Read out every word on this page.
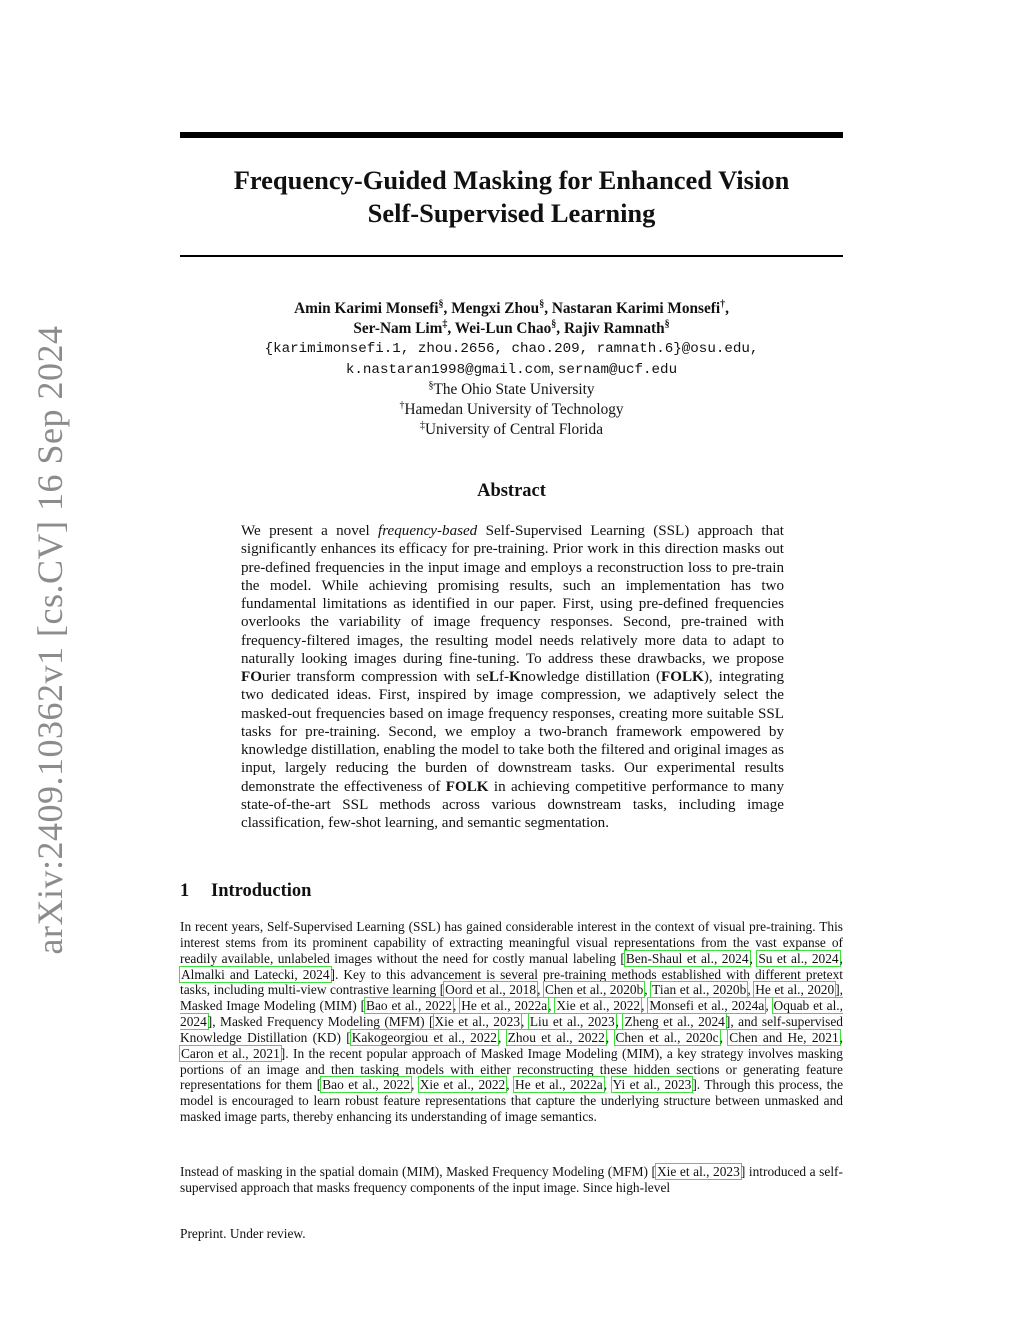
arXiv:2409.10362v1 [cs.CV] 16 Sep 2024
Frequency-Guided Masking for Enhanced Vision
Self-Supervised Learning
Amin Karimi Monsefi§, Mengxi Zhou§, Nastaran Karimi Monsefi†,
Ser-Nam Lim‡, Wei-Lun Chao§, Rajiv Ramnath§
{karimimonsefi.1, zhou.2656, chao.209, ramnath.6}@osu.edu,
k.nastaran1998@gmail.com, sernam@ucf.edu
§The Ohio State University
†Hamedan University of Technology
‡University of Central Florida
Abstract

We present a novel frequency-based Self-Supervised Learning (SSL) approach that significantly enhances its efficacy for pre-training. Prior work in this direction masks out pre-defined frequencies in the input image and employs a reconstruction loss to pre-train the model. While achieving promising results, such an implementation has two fundamental limitations as identified in our paper. First, using pre-defined frequencies overlooks the variability of image frequency responses. Second, pre-trained with frequency-filtered images, the resulting model needs relatively more data to adapt to naturally looking images during fine-tuning. To address these drawbacks, we propose FOurier transform compression with seLf-Knowledge distillation (FOLK), integrating two dedicated ideas. First, inspired by image compression, we adaptively select the masked-out frequencies based on image frequency responses, creating more suitable SSL tasks for pre-training. Second, we employ a two-branch framework empowered by knowledge distillation, enabling the model to take both the filtered and original images as input, largely reducing the burden of downstream tasks. Our experimental results demonstrate the effectiveness of FOLK in achieving competitive performance to many state-of-the-art SSL methods across various downstream tasks, including image classification, few-shot learning, and semantic segmentation.

1 Introduction

In recent years, Self-Supervised Learning (SSL) has gained considerable interest in the context of visual pre-training. This interest stems from its prominent capability of extracting meaningful visual representations from the vast expanse of readily available, unlabeled images without the need for costly manual labeling [Ben-Shaul et al., 2024, Su et al., 2024, Almalki and Latecki, 2024]. Key to this advancement is several pre-training methods established with different pretext tasks, including multi-view contrastive learning [Oord et al., 2018, Chen et al., 2020b, Tian et al., 2020b, He et al., 2020], Masked Image Modeling (MIM) [Bao et al., 2022, He et al., 2022a, Xie et al., 2022, Monsefi et al., 2024a, Oquab et al., 2024], Masked Frequency Modeling (MFM) [Xie et al., 2023, Liu et al., 2023, Zheng et al., 2024], and self-supervised Knowledge Distillation (KD) [Kakogeorgiou et al., 2022, Zhou et al., 2022, Chen et al., 2020c, Chen and He, 2021, Caron et al., 2021]. In the recent popular approach of Masked Image Modeling (MIM), a key strategy involves masking portions of an image and then tasking models with either reconstructing these hidden sections or generating feature representations for them [Bao et al., 2022, Xie et al., 2022, He et al., 2022a, Yi et al., 2023]. Through this process, the model is encouraged to learn robust feature representations that capture the underlying structure between unmasked and masked image parts, thereby enhancing its understanding of image semantics.

Instead of masking in the spatial domain (MIM), Masked Frequency Modeling (MFM) [Xie et al., 2023] introduced a self-supervised approach that masks frequency components of the input image. Since high-level

Preprint. Under review.
